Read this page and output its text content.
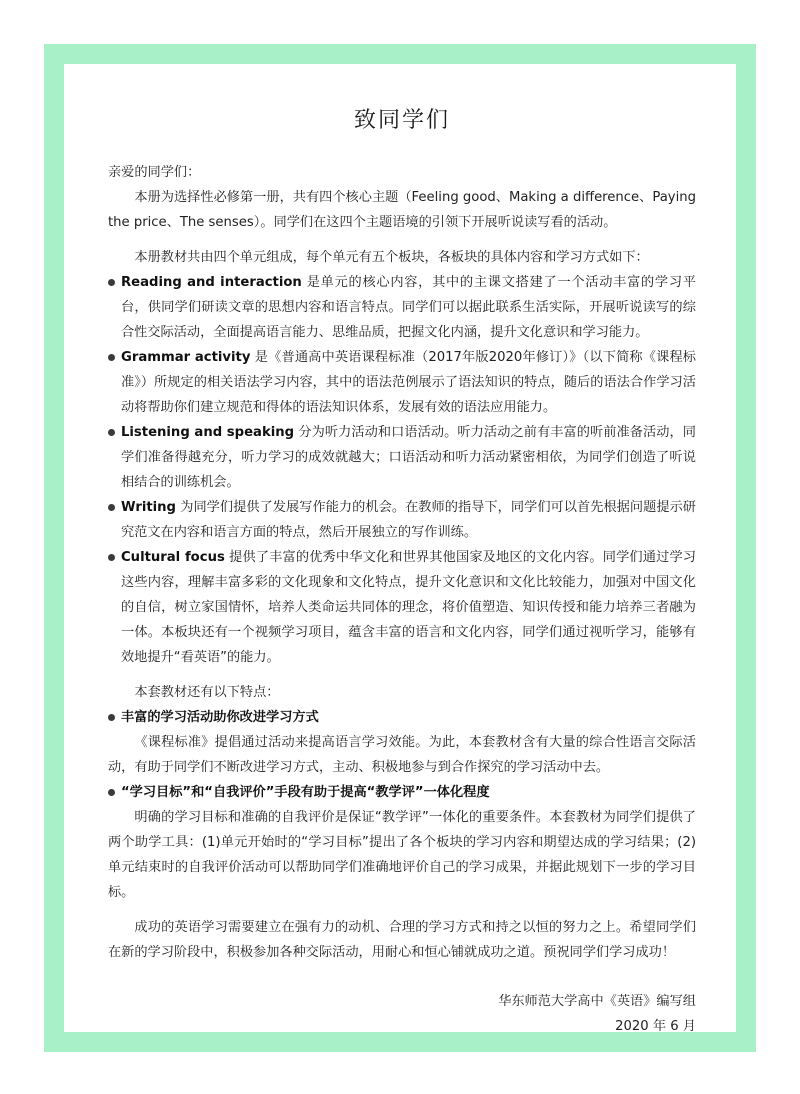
致同学们

亲爱的同学们：

本册为选择性必修第一册，共有四个核心主题（Feeling good、Making a difference、Paying the price、The senses）。同学们在这四个主题语境的引领下开展听说读写看的活动。

本册教材共由四个单元组成，每个单元有五个板块，各板块的具体内容和学习方式如下：

Reading and interaction 是单元的核心内容，其中的主课文搭建了一个活动丰富的学习平台，供同学们研读文章的思想内容和语言特点。同学们可以据此联系生活实际，开展听说读写的综合性交际活动，全面提高语言能力、思维品质，把握文化内涵，提升文化意识和学习能力。
Grammar activity 是《普通高中英语课程标准（2017年版2020年修订）》（以下简称《课程标准》）所规定的相关语法学习内容，其中的语法范例展示了语法知识的特点，随后的语法合作学习活动将帮助你们建立规范和得体的语法知识体系，发展有效的语法应用能力。
Listening and speaking 分为听力活动和口语活动。听力活动之前有丰富的听前准备活动，同学们准备得越充分，听力学习的成效就越大；口语活动和听力活动紧密相依，为同学们创造了听说相结合的训练机会。
Writing 为同学们提供了发展写作能力的机会。在教师的指导下，同学们可以首先根据问题提示研究范文在内容和语言方面的特点，然后开展独立的写作训练。
Cultural focus 提供了丰富的优秀中华文化和世界其他国家及地区的文化内容。同学们通过学习这些内容，理解丰富多彩的文化现象和文化特点，提升文化意识和文化比较能力，加强对中国文化的自信，树立家国情怀，培养人类命运共同体的理念，将价值塑造、知识传授和能力培养三者融为一体。本板块还有一个视频学习项目，蕴含丰富的语言和文化内容，同学们通过视听学习，能够有效地提升“看英语”的能力。

本套教材还有以下特点：

丰富的学习活动助你改进学习方式

《课程标准》提倡通过活动来提高语言学习效能。为此，本套教材含有大量的综合性语言交际活动，有助于同学们不断改进学习方式，主动、积极地参与到合作探究的学习活动中去。

“学习目标”和“自我评价”手段有助于提高“教学评”一体化程度

明确的学习目标和准确的自我评价是保证“教学评”一体化的重要条件。本套教材为同学们提供了两个助学工具：(1)单元开始时的“学习目标”提出了各个板块的学习内容和期望达成的学习结果；(2)单元结束时的自我评价活动可以帮助同学们准确地评价自己的学习成果，并据此规划下一步的学习目标。

成功的英语学习需要建立在强有力的动机、合理的学习方式和持之以恒的努力之上。希望同学们在新的学习阶段中，积极参加各种交际活动，用耐心和恒心铺就成功之道。预祝同学们学习成功！

华东师范大学高中《英语》编写组

2020 年 6 月
